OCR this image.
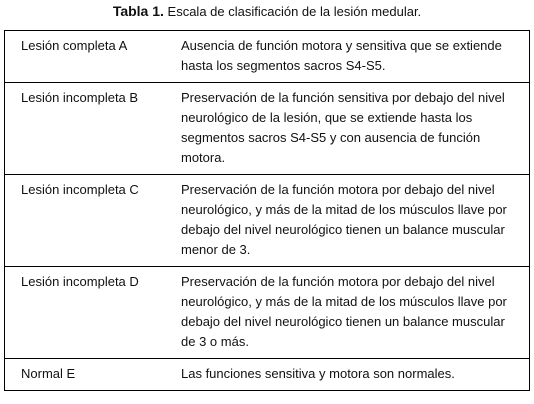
Tabla 1. Escala de clasificación de la lesión medular.
Lesión completa A	Ausencia de función motora y sensitiva que se extiende hasta los segmentos sacros S4-S5.
Lesión incompleta B	Preservación de la función sensitiva por debajo del nivel neurológico de la lesión, que se extiende hasta los segmentos sacros S4-S5 y con ausencia de función motora.
Lesión incompleta C	Preservación de la función motora por debajo del nivel neurológico, y más de la mitad de los músculos llave por debajo del nivel neurológico tienen un balance muscular menor de 3.
Lesión incompleta D	Preservación de la función motora por debajo del nivel neurológico, y más de la mitad de los músculos llave por debajo del nivel neurológico tienen un balance muscular de 3 o más.
Normal E	Las funciones sensitiva y motora son normales.
